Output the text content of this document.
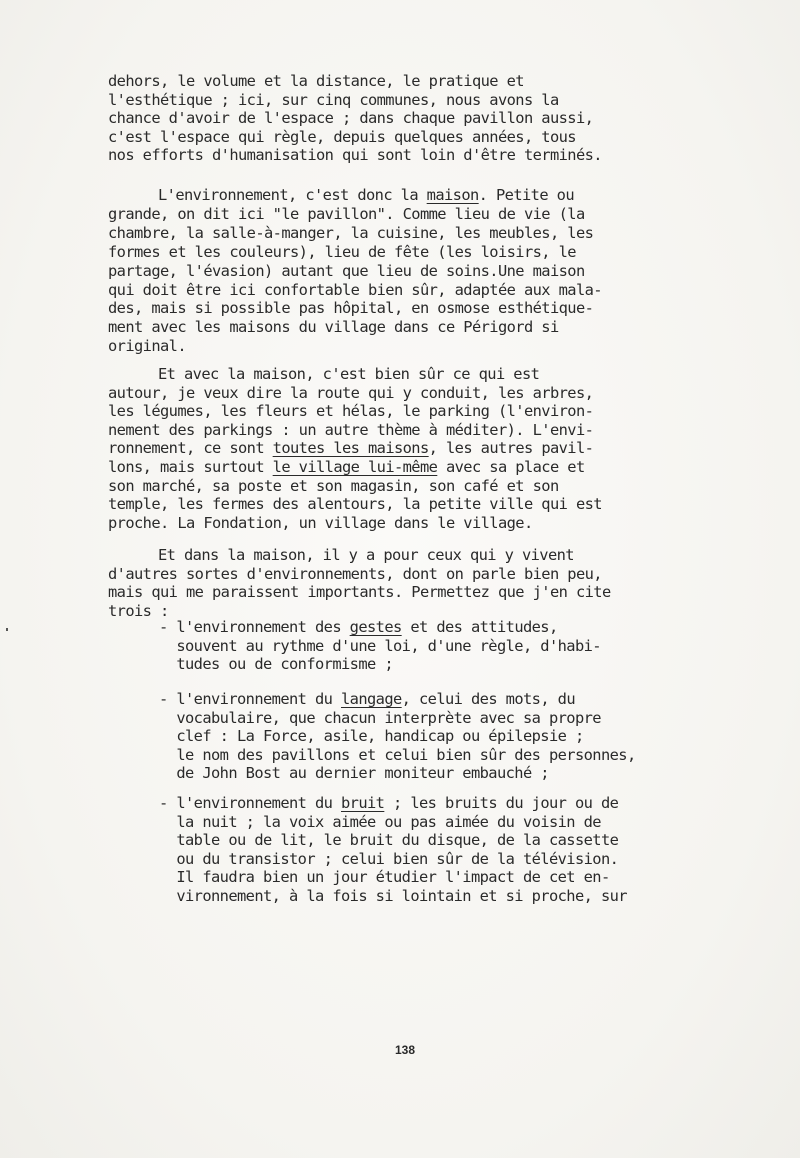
dehors, le volume et la distance, le pratique et
l'esthétique ; ici, sur cinq communes, nous avons la
chance d'avoir de l'espace ; dans chaque pavillon aussi,
c'est l'espace qui règle, depuis quelques années, tous
nos efforts d'humanisation qui sont loin d'être terminés.
L'environnement, c'est donc la maison. Petite ou
grande, on dit ici "le pavillon". Comme lieu de vie (la
chambre, la salle-à-manger, la cuisine, les meubles, les
formes et les couleurs), lieu de fête (les loisirs, le
partage, l'évasion) autant que lieu de soins.Une maison
qui doit être ici confortable bien sûr, adaptée aux mala-
des, mais si possible pas hôpital, en osmose esthétique-
ment avec les maisons du village dans ce Périgord si
original.
Et avec la maison, c'est bien sûr ce qui est
autour, je veux dire la route qui y conduit, les arbres,
les légumes, les fleurs et hélas, le parking (l'environ-
nement des parkings : un autre thème à méditer). L'envi-
ronnement, ce sont toutes les maisons, les autres pavil-
lons, mais surtout le village lui-même avec sa place et
son marché, sa poste et son magasin, son café et son
temple, les fermes des alentours, la petite ville qui est
proche. La Fondation, un village dans le village.
Et dans la maison, il y a pour ceux qui y vivent
d'autres sortes d'environnements, dont on parle bien peu,
mais qui me paraissent importants. Permettez que j'en cite
trois :
- l'environnement des gestes et des attitudes,
souvent au rythme d'une loi, d'une règle, d'habi-
tudes ou de conformisme ;
- l'environnement du langage, celui des mots, du
vocabulaire, que chacun interprète avec sa propre
clef : La Force, asile, handicap ou épilepsie ;
le nom des pavillons et celui bien sûr des personnes,
de John Bost au dernier moniteur embauché ;
- l'environnement du bruit ; les bruits du jour ou de
la nuit ; la voix aimée ou pas aimée du voisin de
table ou de lit, le bruit du disque, de la cassette
ou du transistor ; celui bien sûr de la télévision.
Il faudra bien un jour étudier l'impact de cet en-
vironnement, à la fois si lointain et si proche, sur
138
